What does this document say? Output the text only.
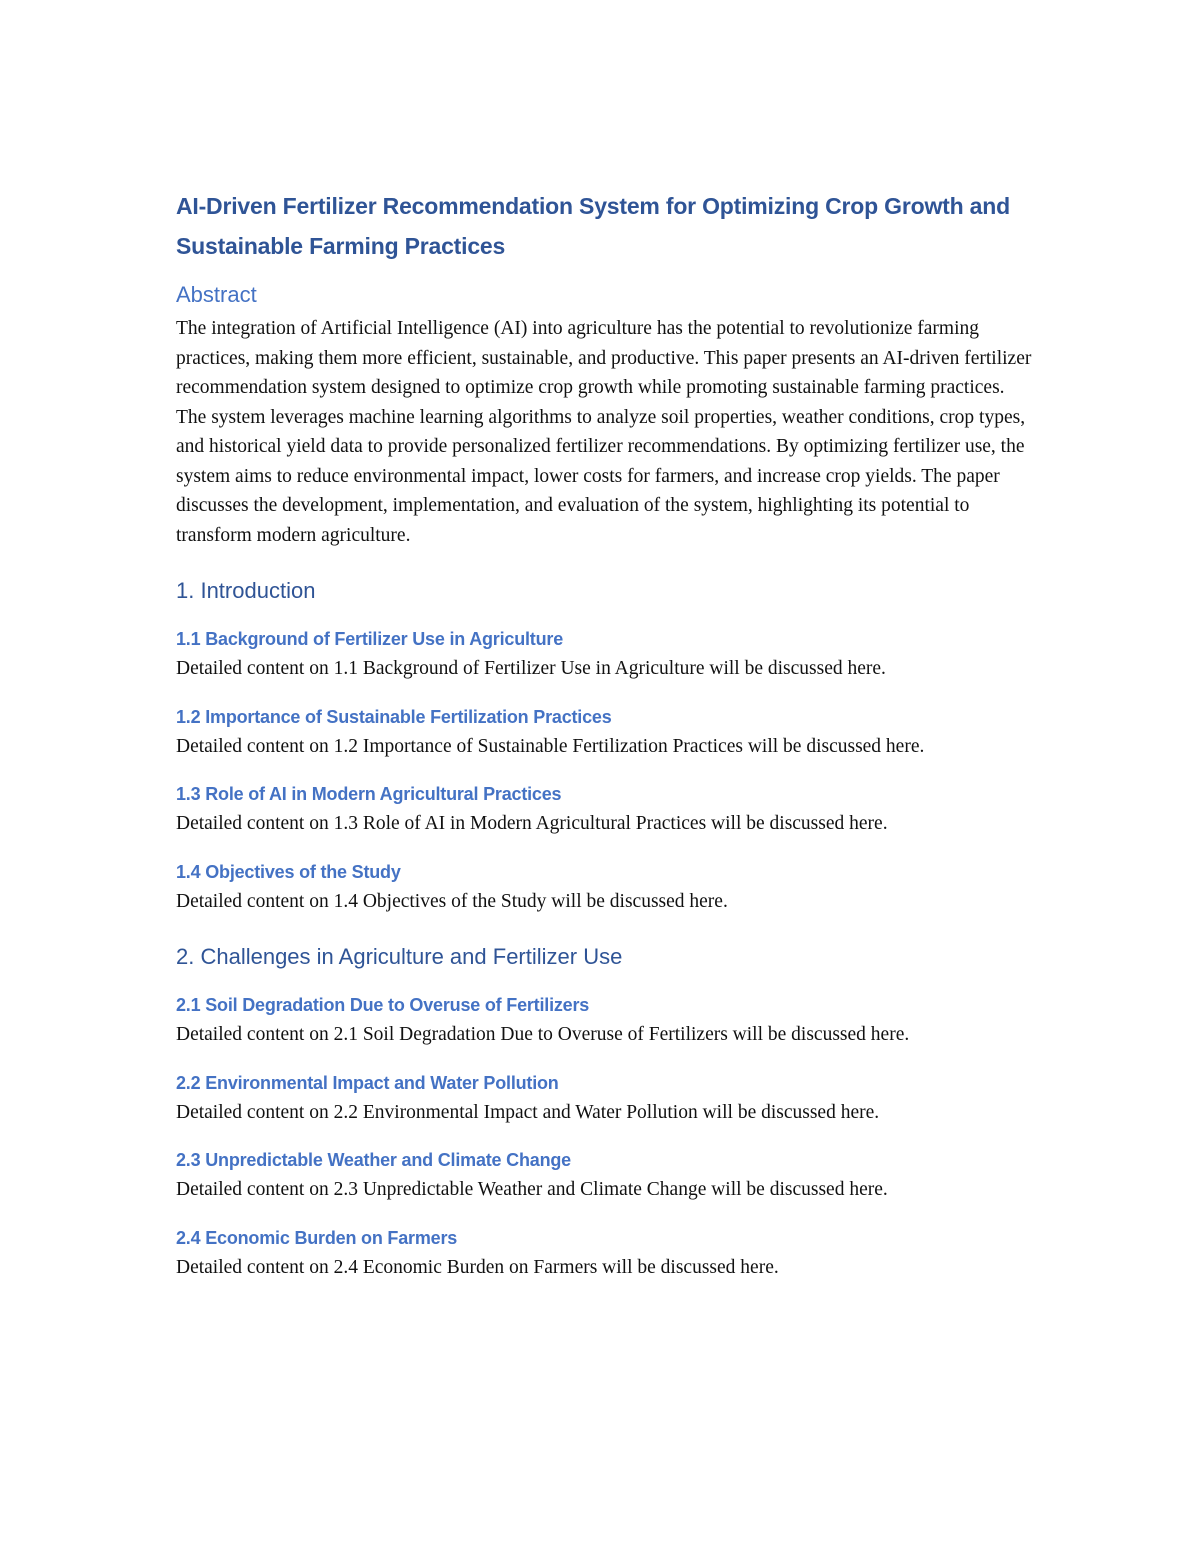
AI-Driven Fertilizer Recommendation System for Optimizing Crop Growth and Sustainable Farming Practices
Abstract

The integration of Artificial Intelligence (AI) into agriculture has the potential to revolutionize farming practices, making them more efficient, sustainable, and productive. This paper presents an AI-driven fertilizer recommendation system designed to optimize crop growth while promoting sustainable farming practices. The system leverages machine learning algorithms to analyze soil properties, weather conditions, crop types, and historical yield data to provide personalized fertilizer recommendations. By optimizing fertilizer use, the system aims to reduce environmental impact, lower costs for farmers, and increase crop yields. The paper discusses the development, implementation, and evaluation of the system, highlighting its potential to transform modern agriculture.

1. Introduction
1.1 Background of Fertilizer Use in Agriculture

Detailed content on 1.1 Background of Fertilizer Use in Agriculture will be discussed here.

1.2 Importance of Sustainable Fertilization Practices

Detailed content on 1.2 Importance of Sustainable Fertilization Practices will be discussed here.

1.3 Role of AI in Modern Agricultural Practices

Detailed content on 1.3 Role of AI in Modern Agricultural Practices will be discussed here.

1.4 Objectives of the Study

Detailed content on 1.4 Objectives of the Study will be discussed here.

2. Challenges in Agriculture and Fertilizer Use
2.1 Soil Degradation Due to Overuse of Fertilizers

Detailed content on 2.1 Soil Degradation Due to Overuse of Fertilizers will be discussed here.

2.2 Environmental Impact and Water Pollution

Detailed content on 2.2 Environmental Impact and Water Pollution will be discussed here.

2.3 Unpredictable Weather and Climate Change

Detailed content on 2.3 Unpredictable Weather and Climate Change will be discussed here.

2.4 Economic Burden on Farmers

Detailed content on 2.4 Economic Burden on Farmers will be discussed here.
